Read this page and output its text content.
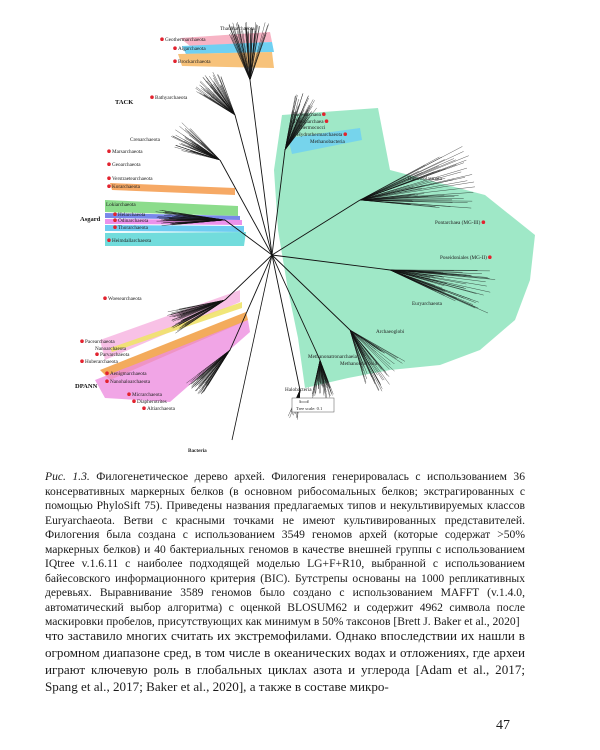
Thaumarchaeota
Geothermarchaeota
Aigarchaeota
Brockarchaeota
Bathyarchaeota
Crenarchaeota
Marsarchaeota
Geoarchaeota
Verstraetearchaeota
Korarchaeota
Lokiarchaeota
Helarchaeota
Odinarchaeota
Thorarchaeota
Heimdallarchaeota
Woesearchaeota
Pacearchaeota
Nanoarchaeota
Parvarchaeota
Huberarchaeota
Aenigmarchaeota
Nanohaloarchaeota
Micrarchaeota
Diapherotrites
Altiarchaeota
Hadesarchaea
Theionarchaea
Thermococci
Hydrothermarchaeota
Methanobacteria
Thermoplasmata
Pontarchaea (MG-III)
Poseidoniales (MG-II)
Euryarchaeota
Archaeoglobi
Methanonatronarchaeia
Methanomicrobia
Halobacteria
Bacteria
TACK
Asgard
DPANN
Tree scale: 0.1
Рис. 1.3. Филогенетическое дерево архей. Филогения генерировалась с использованием 36 консервативных маркерных белков (в основном рибосомальных белков; экстрагированных с помощью PhyloSift 75). Приведены названия предлагаемых типов и некультивируемых классов Euryarchaeota. Ветви с красными точками не имеют культивированных представителей. Филогения была создана с использованием 3549 геномов архей (которые содержат >50% маркерных белков) и 40 бактериальных геномов в качестве внешней группы с использованием IQtree v.1.6.11 с наиболее подходящей моделью LG+F+R10, выбранной с использованием байесовского информационного критерия (BIC). Бутстрепы основаны на 1000 репликативных деревьях. Выравнивание 3589 геномов было создано с использованием MAFFT (v.1.4.0, автоматический выбор алгоритма) с оценкой BLOSUM62 и содержит 4962 символа после маскировки пробелов, присутствующих как минимум в 50% таксонов [Brett J. Baker et al., 2020]
что заставило многих считать их экстремофилами. Однако впоследствии их нашли в огромном диапазоне сред, в том числе в океанических водах и отложениях, где археи играют ключевую роль в глобальных циклах азота и углерода [Adam et al., 2017; Spang et al., 2017; Baker et al., 2020], а также в составе микро-
47
